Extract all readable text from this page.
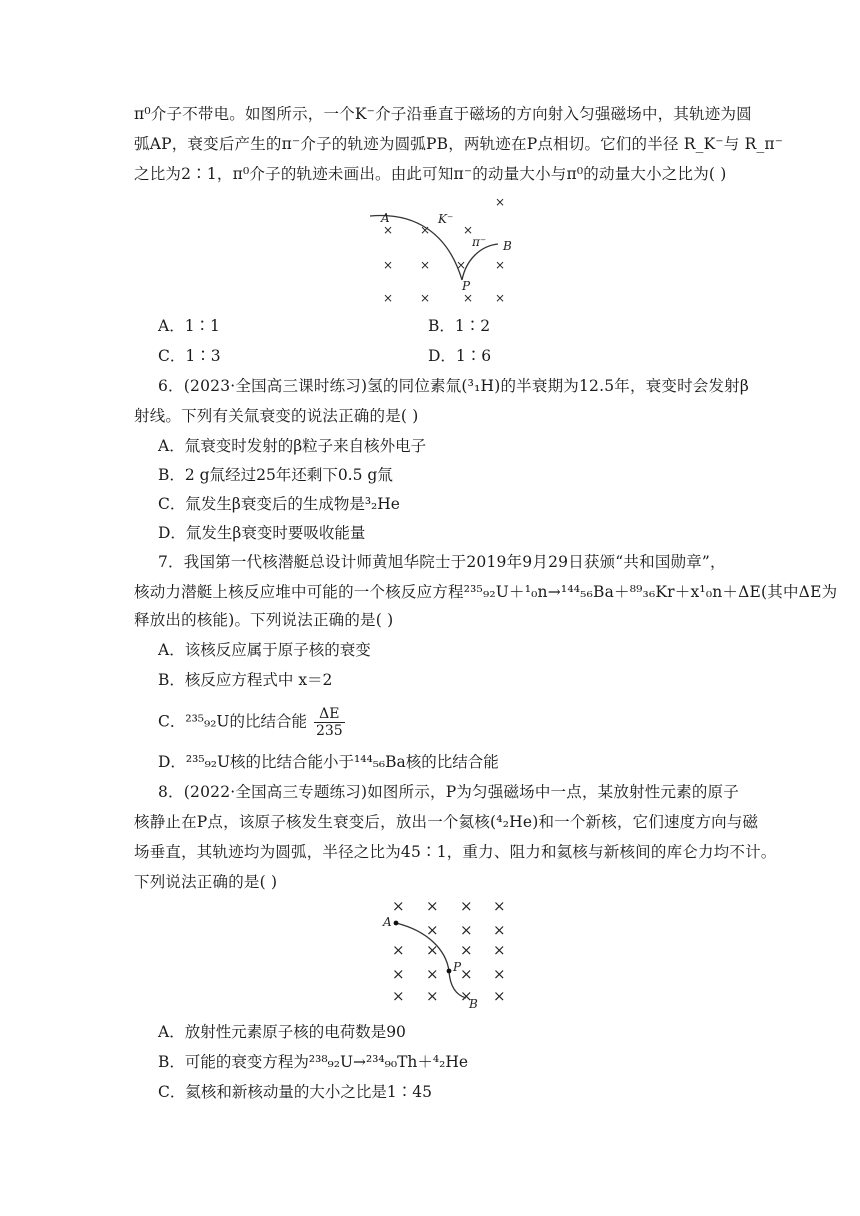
π⁰介子不带电。如图所示，一个K⁻介子沿垂直于磁场的方向射入匀强磁场中，其轨迹为圆
弧AP，衰变后产生的π⁻介子的轨迹为圆弧PB，两轨迹在P点相切。它们的半径 R_K⁻与 R_π⁻
之比为2∶1，π⁰介子的轨迹未画出。由此可知π⁻的动量大小与π⁰的动量大小之比为( )
× ×	×
×
× × × ×
× ×	× ×
A	K⁻
π⁻ B
P
A．1∶1	B．1∶2
C．1∶3	D．1∶6
6．(2023·全国高三课时练习)氢的同位素氚(³₁H)的半衰期为12.5年，衰变时会发射β
射线。下列有关氚衰变的说法正确的是( )
A．氚衰变时发射的β粒子来自核外电子
B．2 g氚经过25年还剩下0.5 g氚
C．氚发生β衰变后的生成物是³₂He
D．氚发生β衰变时要吸收能量
7．我国第一代核潜艇总设计师黄旭华院士于2019年9月29日获颁“共和国勋章”，
核动力潜艇上核反应堆中可能的一个核反应方程²³⁵₉₂U＋¹₀n→¹⁴⁴₅₆Ba＋⁸⁹₃₆Kr＋x¹₀n＋ΔE(其中ΔE为
释放出的核能)。下列说法正确的是( )
A．该核反应属于原子核的衰变
B．核反应方程式中 x＝2
C．²³⁵₉₂U的比结合能 $\frac{\Delta E}{235}$
D．²³⁵₉₂U核的比结合能小于¹⁴⁴₅₆Ba核的比结合能
8．(2022·全国高三专题练习)如图所示，P为匀强磁场中一点，某放射性元素的原子
核静止在P点，该原子核发生衰变后，放出一个氦核(⁴₂He)和一个新核，它们速度方向与磁
场垂直，其轨迹均为圆弧，半径之比为45∶1，重力、阻力和氦核与新核间的库仑力均不计。
下列说法正确的是( )
× × × ×
× × ×
× × × ×
× × × ×
× × × ×
A
P
B
A．放射性元素原子核的电荷数是90
B．可能的衰变方程为²³⁸₉₂U→²³⁴₉₀Th＋⁴₂He
C．氦核和新核动量的大小之比是1∶45
